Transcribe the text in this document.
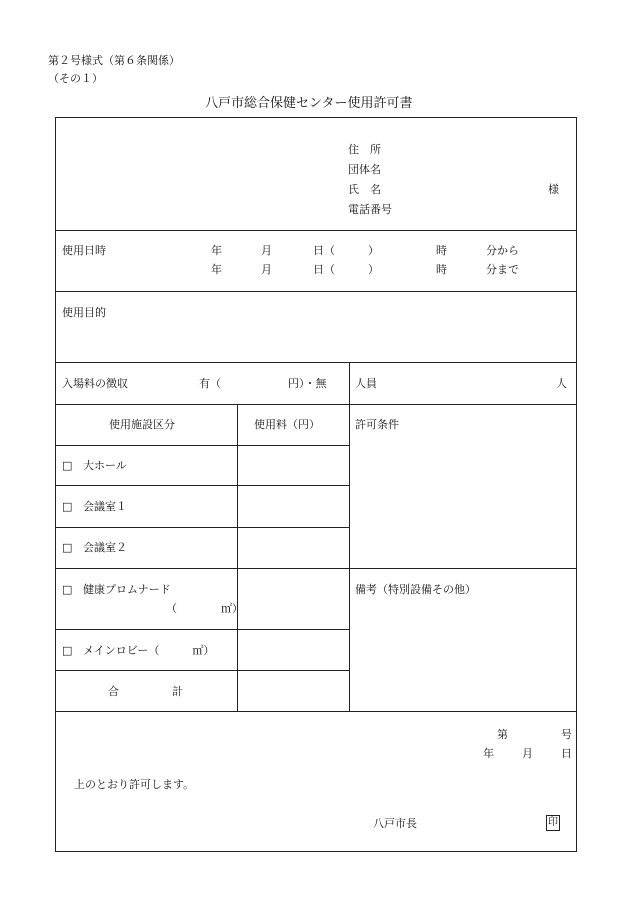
第２号様式（第６条関係）
（その１）
八戸市総合保健センター使用許可書
住　所
団体名
氏　名	様
電話番号
使用日時	年	月	日（	）	時	分から
年	月	日（	）	時	分まで
使用目的
入場料の徴収	有（	円）・無	人員	人
使用施設区分	使用料（円）	許可条件
□ 大ホール
□ 会議室１
□ 会議室２
□ 健康プロムナード
（　　　　㎡）
備考（特別設備その他）
□ メインロビー（　　　㎡）
合	計
第	号
年	月	日
上のとおり許可します。
八戸市長	印
